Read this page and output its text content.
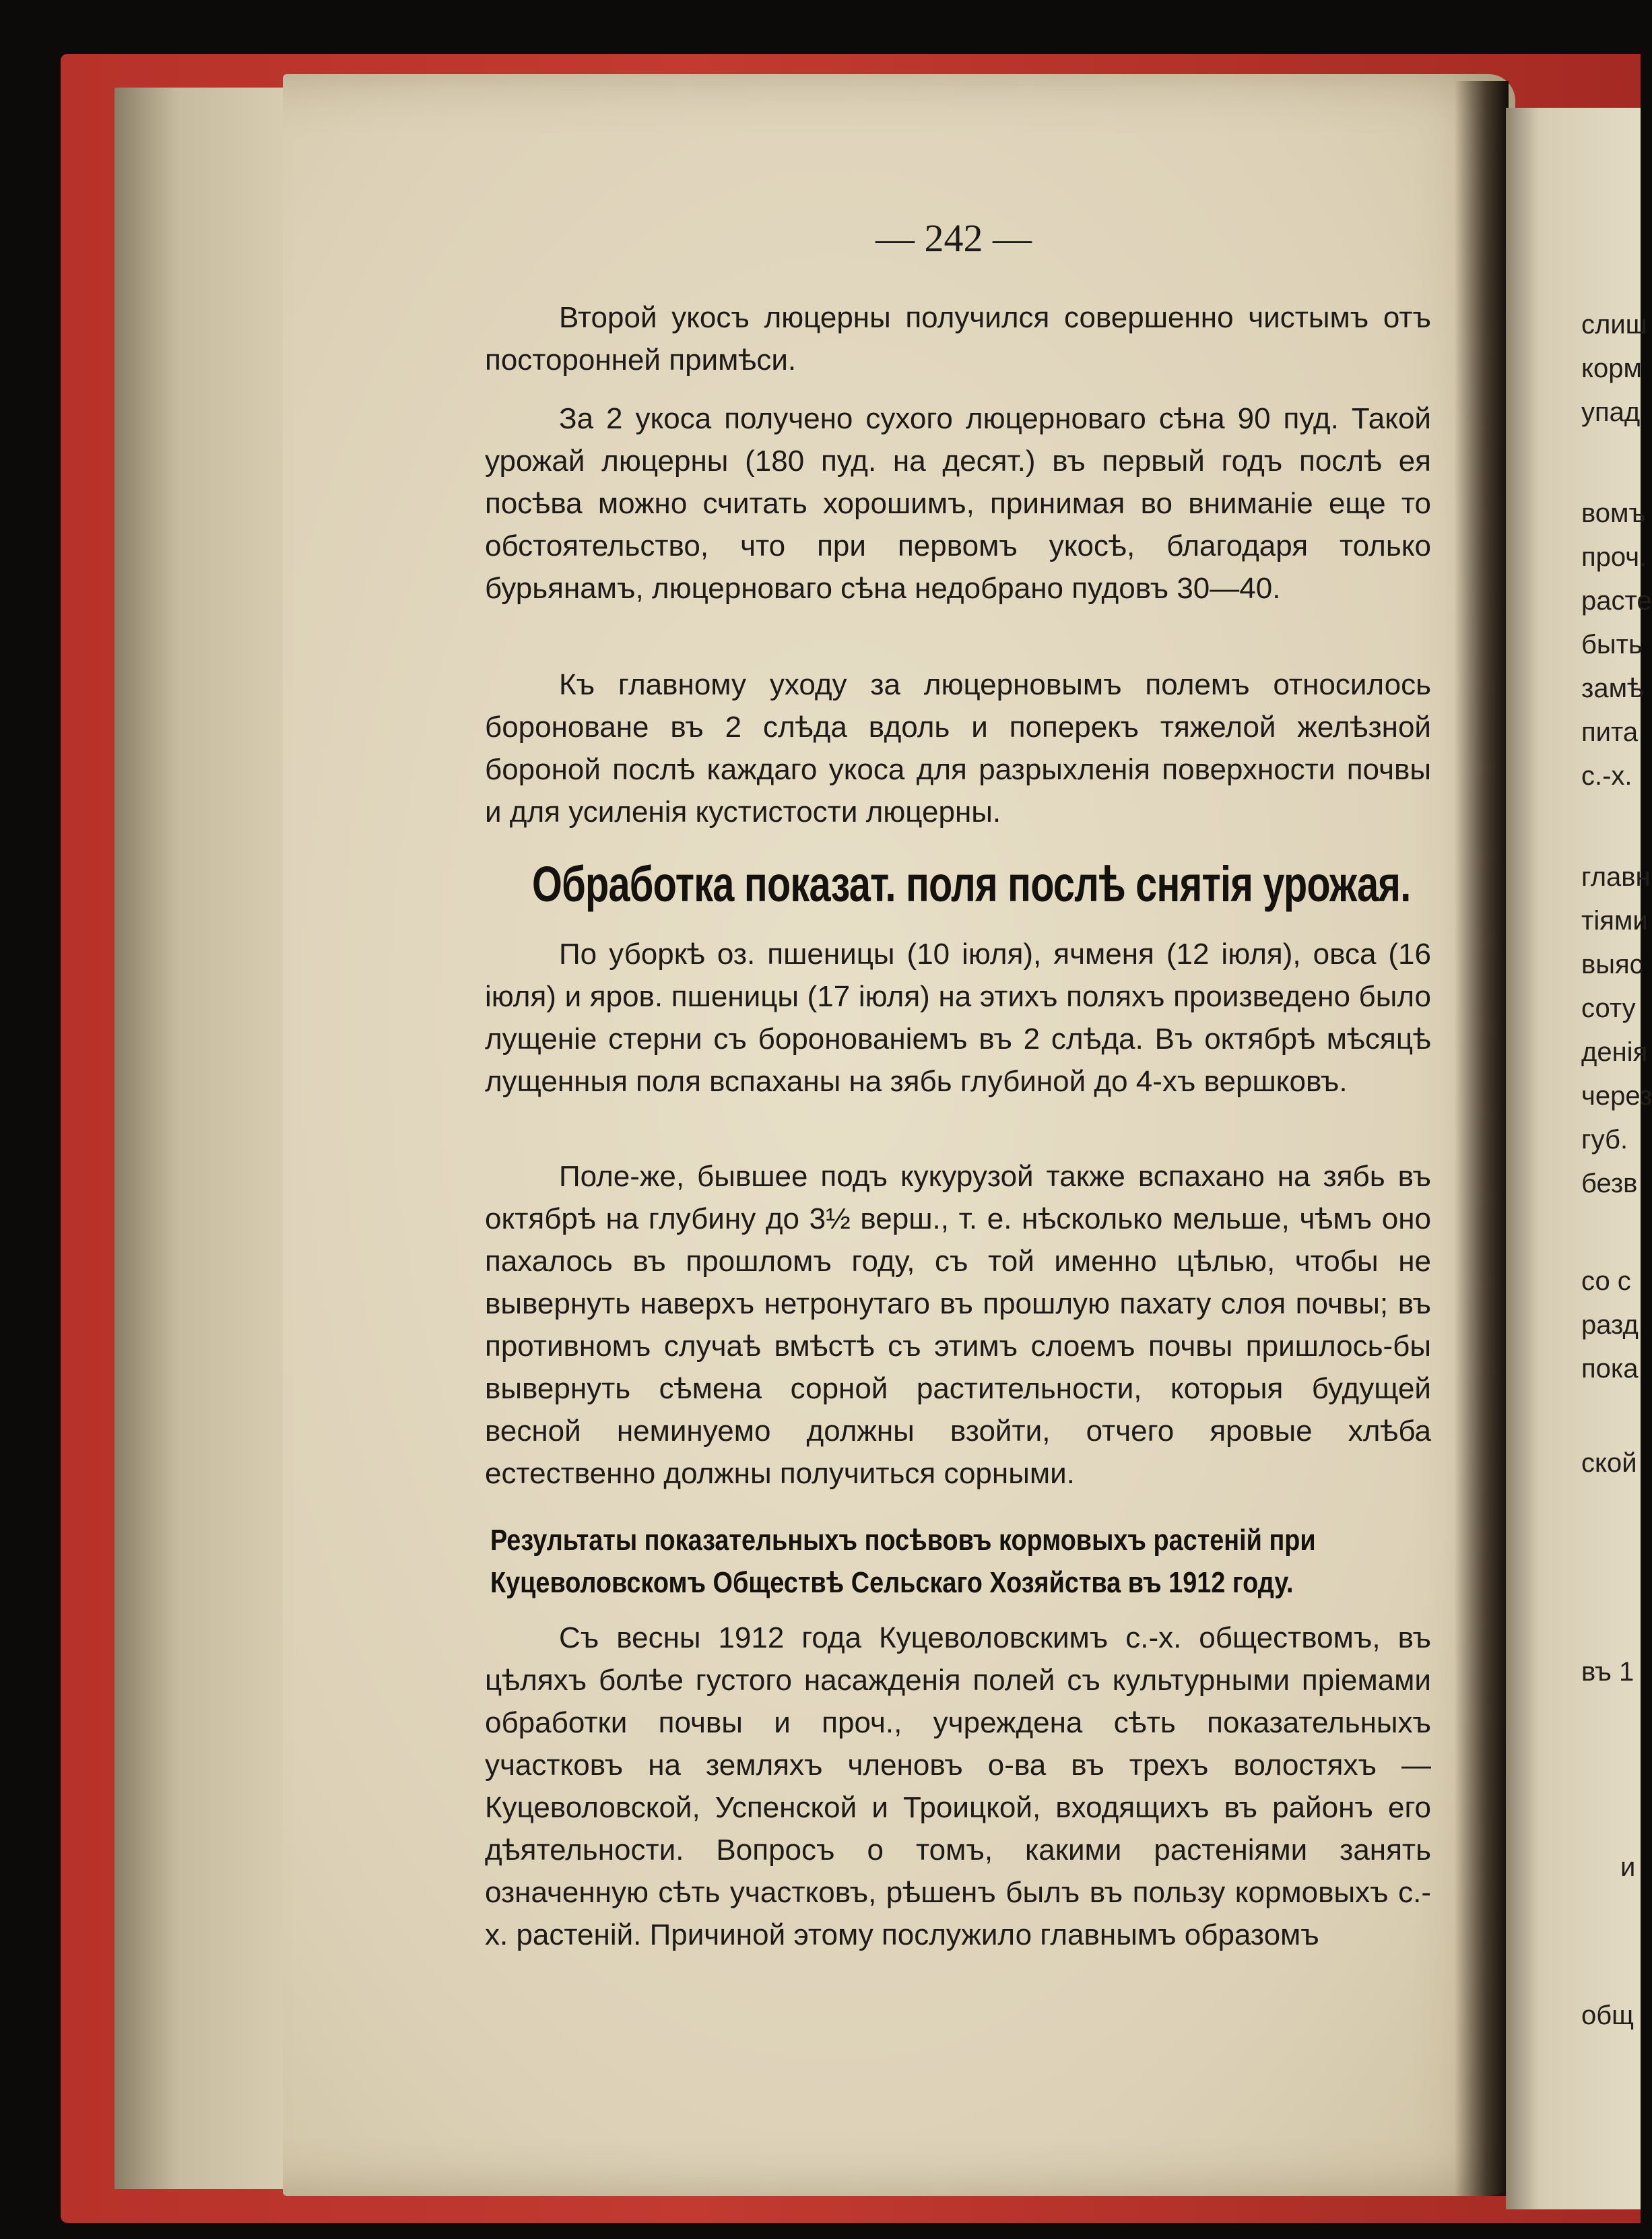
слиш
корм
упад
вомъ
проч.
расте
быть
замѣ
пита
с.-х.
главн
тіями
выяс
соту
денія
через
губ.
безв
со с
разд
пока
ской
въ 1
и
общ
— 242 —
Второй укосъ люцерны получился совершенно чистымъ отъ посторонней примѣси.
За 2 укоса получено сухого люцерноваго сѣна 90 пуд. Такой урожай люцерны (180 пуд. на десят.) въ первый годъ послѣ ея посѣва можно считать хорошимъ, принимая во вниманіе еще то обстоятельство, что при первомъ укосѣ, благодаря только бурьянамъ, люцерноваго сѣна недобрано пудовъ 30—40.
Къ главному уходу за люцерновымъ полемъ относилось бороноване въ 2 слѣда вдоль и поперекъ тяжелой желѣзной бороной послѣ каждаго укоса для разрыхленія поверхности почвы и для усиленія кустистости люцерны.
Обработка показат. поля послѣ снятія урожая.
По уборкѣ оз. пшеницы (10 іюля), ячменя (12 іюля), овса (16 іюля) и яров. пшеницы (17 іюля) на этихъ поляхъ произведено было лущеніе стерни съ боронованіемъ въ 2 слѣда. Въ октябрѣ мѣсяцѣ лущенныя поля вспаханы на зябь глубиной до 4-хъ вершковъ.
Поле-же, бывшее подъ кукурузой также вспахано на зябь въ октябрѣ на глубину до 3½ верш., т. е. нѣсколько мельше, чѣмъ оно пахалось въ прошломъ году, съ той именно цѣлью, чтобы не вывернуть наверхъ нетронутаго въ прошлую пахату слоя почвы; въ противномъ случаѣ вмѣстѣ съ этимъ слоемъ почвы пришлось-бы вывернуть сѣмена сорной растительности, которыя будущей весной неминуемо должны взойти, отчего яровые хлѣба естественно должны получиться сорными.
Результаты показательныхъ посѣвовъ кормовыхъ растеній при
Куцеволовскомъ Обществѣ Сельскаго Хозяйства въ 1912 году.
Съ весны 1912 года Куцеволовскимъ с.-х. обществомъ, въ цѣляхъ болѣе густого насажденія полей съ культурными пріемами обработки почвы и проч., учреждена сѣть показательныхъ участковъ на земляхъ членовъ о-ва въ трехъ волостяхъ —Куцеволовской, Успенской и Троицкой, входящихъ въ районъ его дѣятельности. Вопросъ о томъ, какими растеніями занять означенную сѣть участковъ, рѣшенъ былъ въ пользу кормовыхъ с.-х. растеній. Причиной этому послужило главнымъ образомъ
